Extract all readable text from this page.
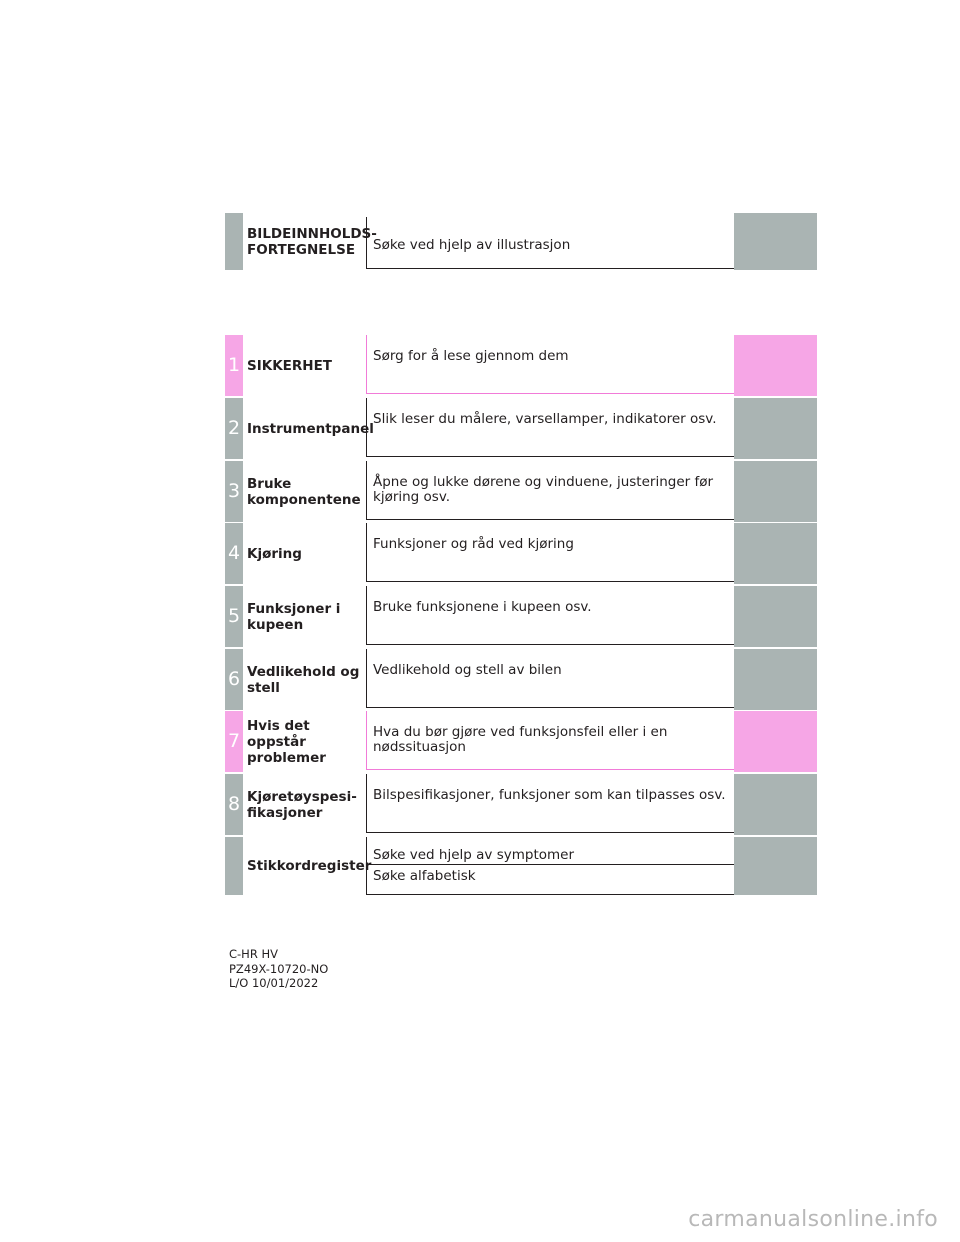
BILDEINNHOLDS-
FORTEGNELSE	Søke ved hjelp av illustrasjon
1 SIKKERHET
Sørg for å lese gjennom dem
2 Instrumentpanel
Slik leser du målere, varsellamper, indikatorer osv.
3 Bruke
komponentene
Åpne og lukke dørene og vinduene, justeringer før
kjøring osv.
4 Kjøring
Funksjoner og råd ved kjøring
5 Funksjoner i
kupeen
Bruke funksjonene i kupeen osv.
6 Vedlikehold og
stell
Vedlikehold og stell av bilen
7
Hvis det oppstår
problemer
Hva du bør gjøre ved funksjonsfeil eller i en nødssituasjon
8 Kjøretøyspesi-
fikasjoner
Bilspesifikasjoner, funksjoner som kan tilpasses osv.
Stikkordregister
Søke ved hjelp av symptomer
Søke alfabetisk
C-HR HV
PZ49X-10720-NO
L/O 10/01/2022
carmanualsonline.info
